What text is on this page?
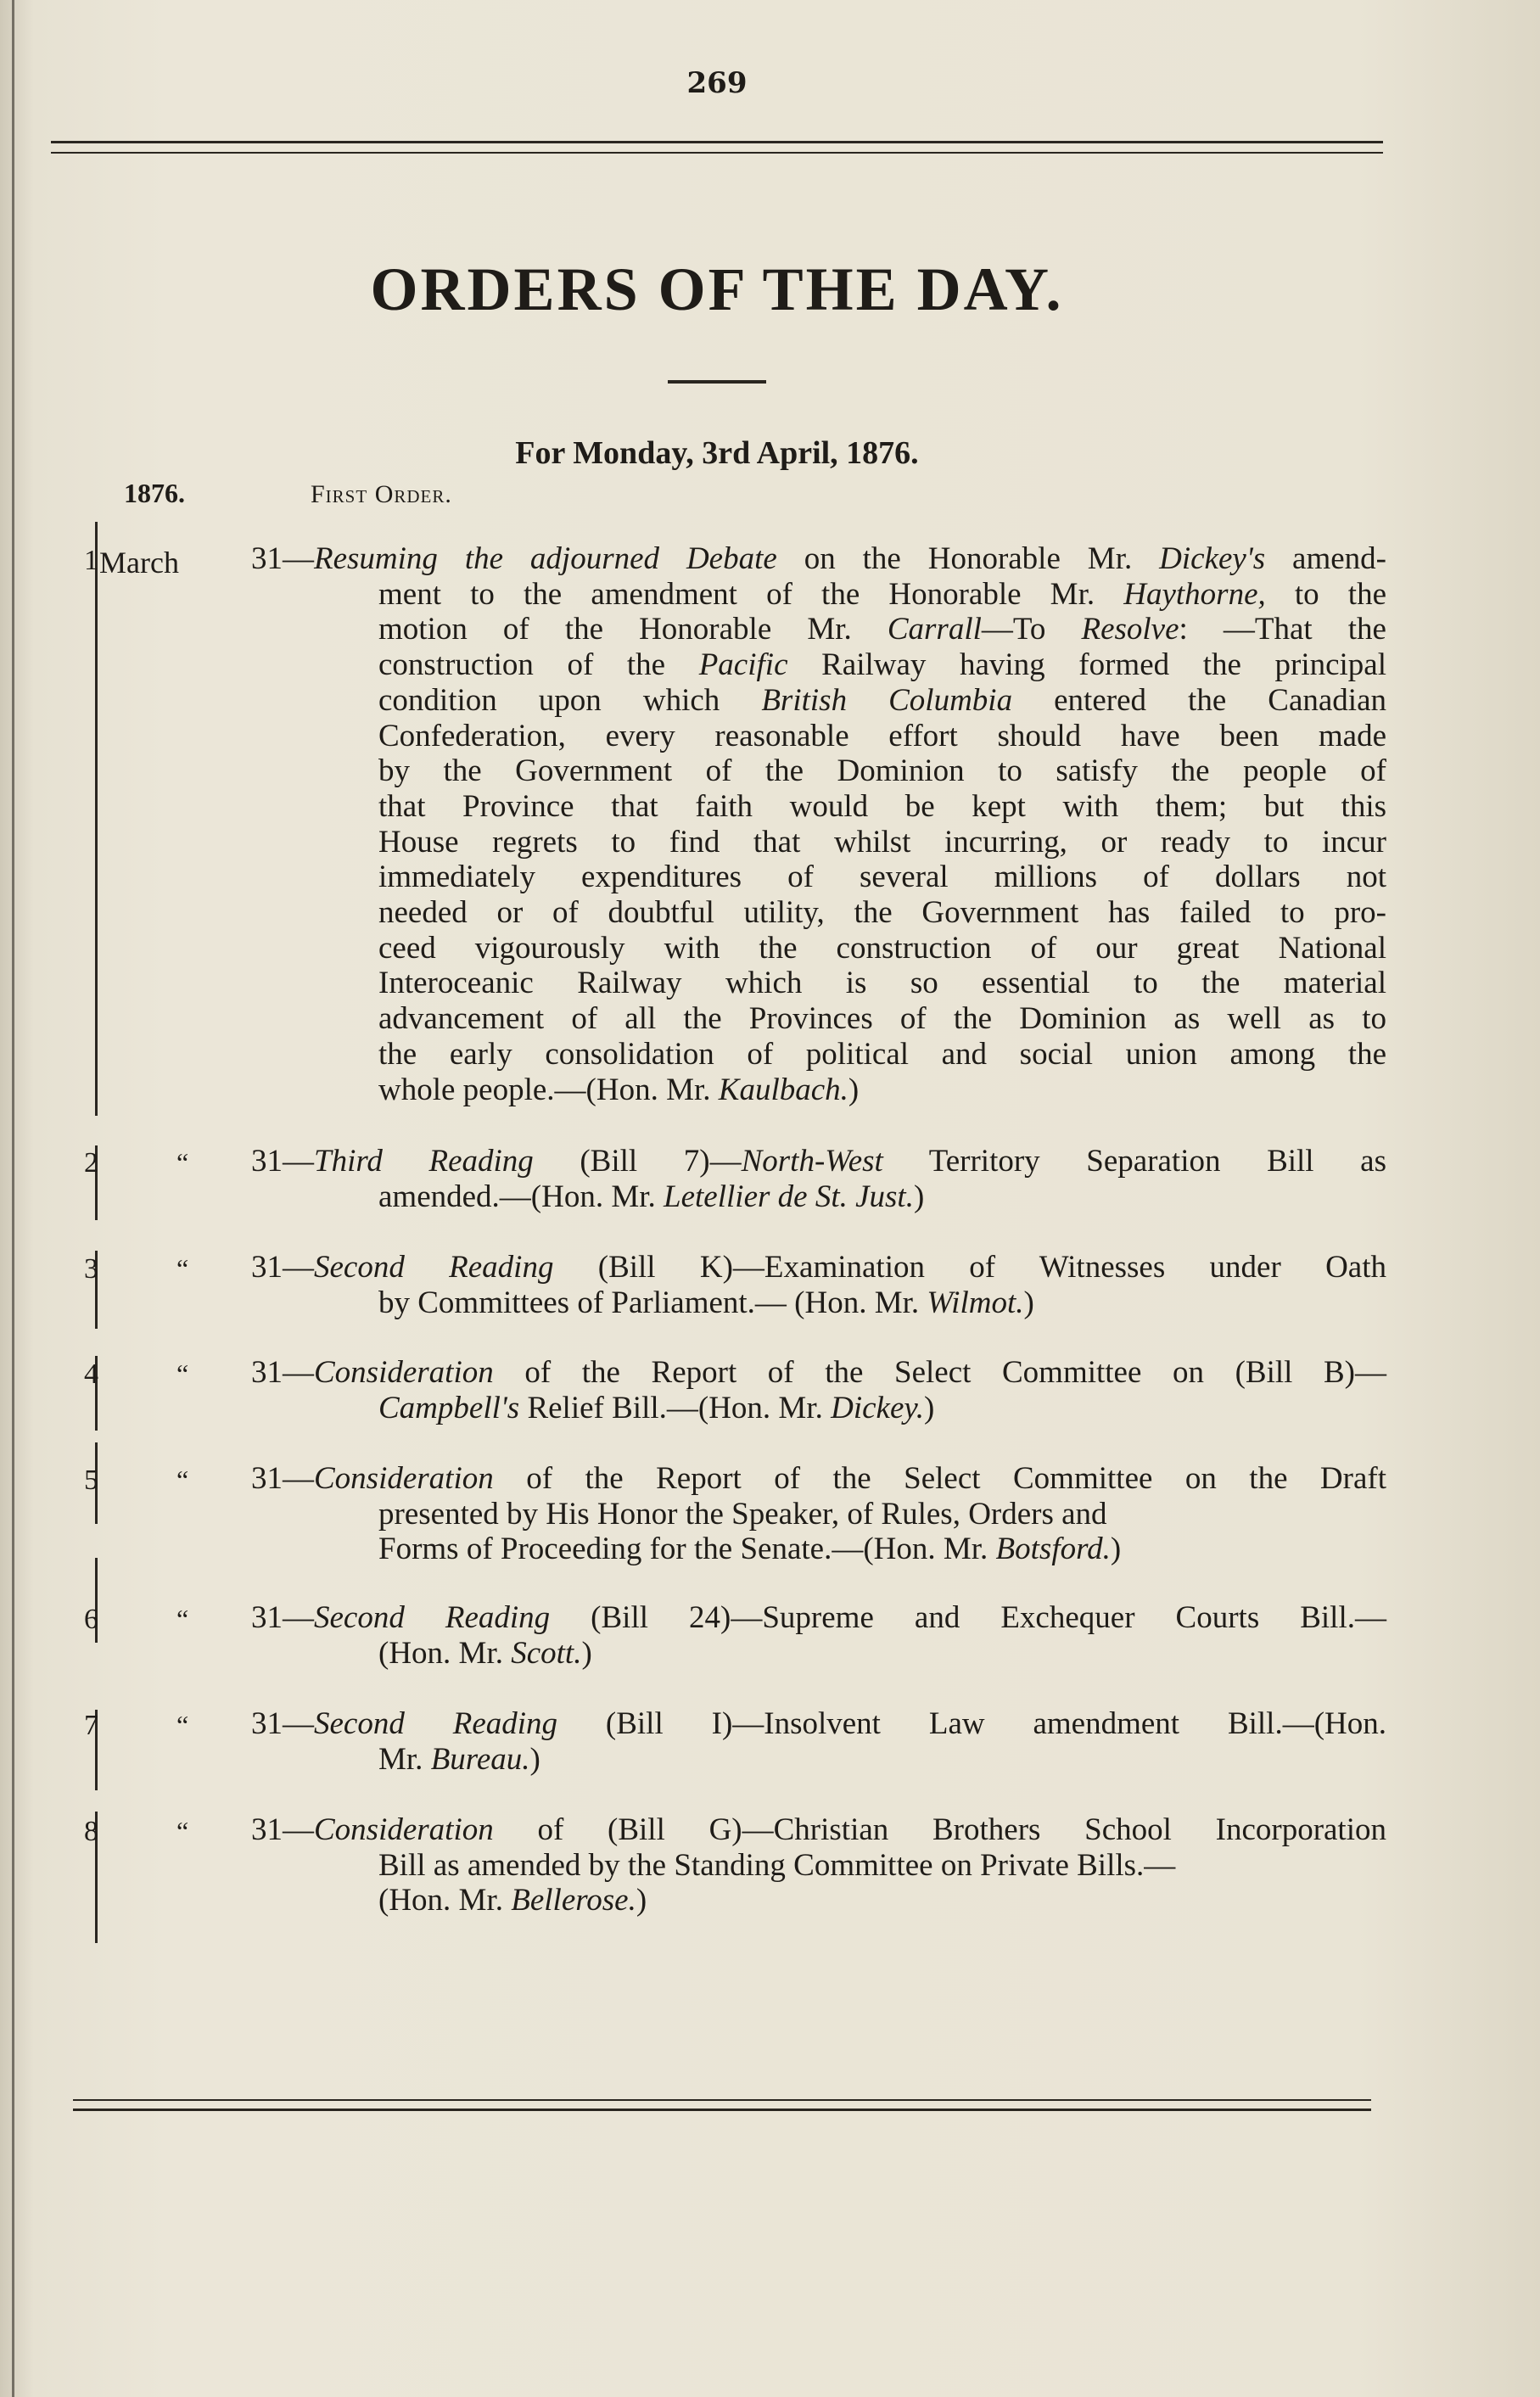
269
ORDERS OF THE DAY.
For Monday, 3rd April, 1876.
1876.	First Order.
1 March 31—Resuming the adjourned Debate on the Honorable Mr. Dickey's amend-
ment to the amendment of the Honorable Mr. Haythorne, to the
motion of the Honorable Mr. Carrall—To Resolve: —That the
construction of the Pacific Railway having formed the principal
condition upon which British Columbia entered the Canadian
Confederation, every reasonable effort should have been made
by the Government of the Dominion to satisfy the people of
that Province that faith would be kept with them; but this
House regrets to find that whilst incurring, or ready to incur
immediately expenditures of several millions of dollars not
needed or of doubtful utility, the Government has failed to pro-
ceed vigourously with the construction of our great National
Interoceanic Railway which is so essential to the material
advancement of all the Provinces of the Dominion as well as to
the early consolidation of political and social union among the
whole people.—(Hon. Mr. Kaulbach.)
2	“ 31—Third Reading (Bill 7)—North-West Territory Separation Bill as
amended.—(Hon. Mr. Letellier de St. Just.)
3	“ 31—Second Reading (Bill K)—Examination of Witnesses under Oath
by Committees of Parliament.— (Hon. Mr. Wilmot.)
4	“ 31—Consideration of the Report of the Select Committee on (Bill B)—
Campbell's Relief Bill.—(Hon. Mr. Dickey.)
5	“ 31—Consideration of the Report of the Select Committee on the Draft
presented by His Honor the Speaker, of Rules, Orders and
Forms of Proceeding for the Senate.—(Hon. Mr. Botsford.)
6	“ 31—Second Reading (Bill 24)—Supreme and Exchequer Courts Bill.—
(Hon. Mr. Scott.)
7	“ 31—Second Reading (Bill I)—Insolvent Law amendment Bill.—(Hon.
Mr. Bureau.)
8	“ 31—Consideration of (Bill G)—Christian Brothers School Incorporation
Bill as amended by the Standing Committee on Private Bills.—
(Hon. Mr. Bellerose.)
